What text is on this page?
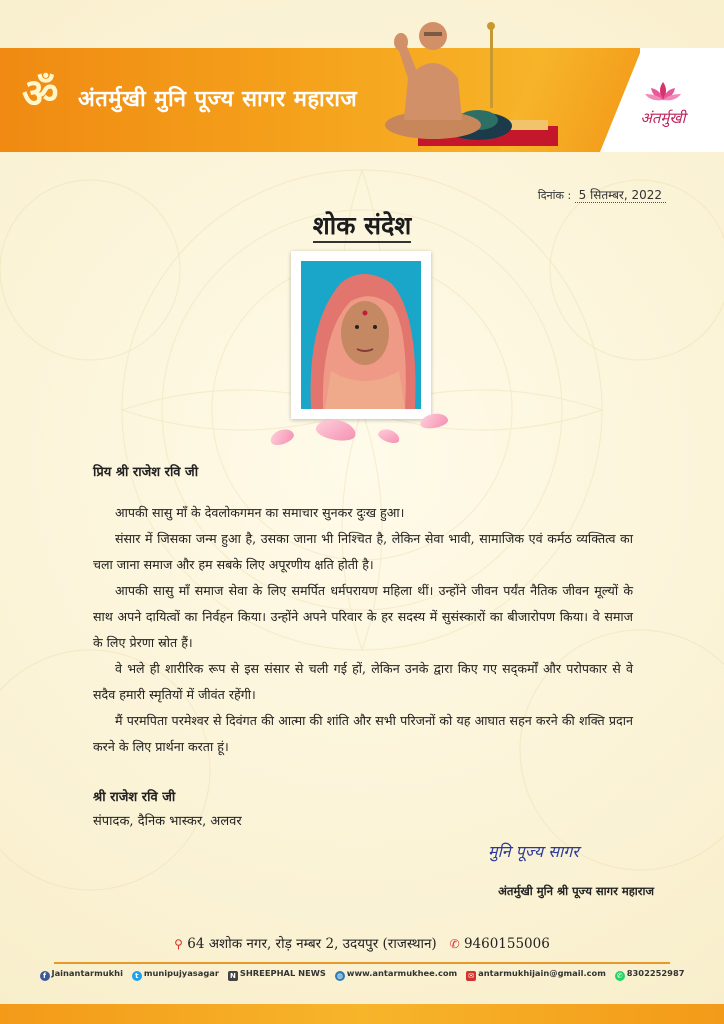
ॐ अंतर्मुखी मुनि पूज्य सागर महाराज
अंतर्मुखी
दिनांक : 5 सितम्बर, 2022
शोक संदेश
प्रिय श्री राजेश रवि जी

आपकी सासु माँ के देवलोकगमन का समाचार सुनकर दुःख हुआ।

संसार में जिसका जन्म हुआ है, उसका जाना भी निश्चित है, लेकिन सेवा भावी, सामाजिक एवं कर्मठ व्यक्तित्व का चला जाना समाज और हम सबके लिए अपूरणीय क्षति होती है।

आपकी सासु माँ समाज सेवा के लिए समर्पित धर्मपरायण महिला थीं। उन्होंने जीवन पर्यंत नैतिक जीवन मूल्यों के साथ अपने दायित्वों का निर्वहन किया। उन्होंने अपने परिवार के हर सदस्य में सुसंस्कारों का बीजारोपण किया। वे समाज के लिए प्रेरणा स्रोत हैं।

वे भले ही शारीरिक रूप से इस संसार से चली गई हों, लेकिन उनके द्वारा किए गए सद्कर्मों और परोपकार से वे सदैव हमारी स्मृतियों में जीवंत रहेंगी।

मैं परमपिता परमेश्वर से दिवंगत की आत्मा की शांति और सभी परिजनों को यह आघात सहन करने की शक्ति प्रदान करने के लिए प्रार्थना करता हूं।

श्री राजेश रवि जी
संपादक, दैनिक भास्कर, अलवर
मुनि पूज्य सागर
अंतर्मुखी मुनि श्री पूज्य सागर महाराज
⚲ 64 अशोक नगर, रोड़ नम्बर 2, उदयपुर (राजस्थान) ✆ 9460155006
f Jainantarmukhi t munipujyasagar N SHREEPHAL NEWS ◍ www.antarmukhee.com ✉ antarmukhijain@gmail.com ✆ 8302252987
